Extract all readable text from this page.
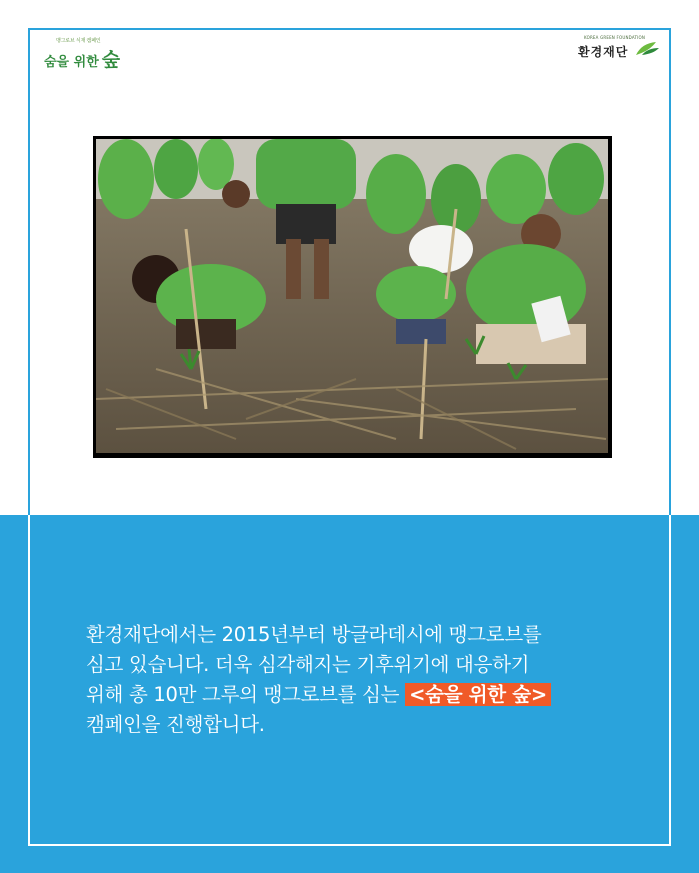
맹그로브 식재 캠페인
숨을 위한 숲
KOREA GREEN FOUNDATION
환경재단
환경재단에서는 2015년부터 방글라데시에 맹그로브를
심고 있습니다. 더욱 심각해지는 기후위기에 대응하기
위해 총 10만 그루의 맹그로브를 심는 <숨을 위한 숲>
캠페인을 진행합니다.
